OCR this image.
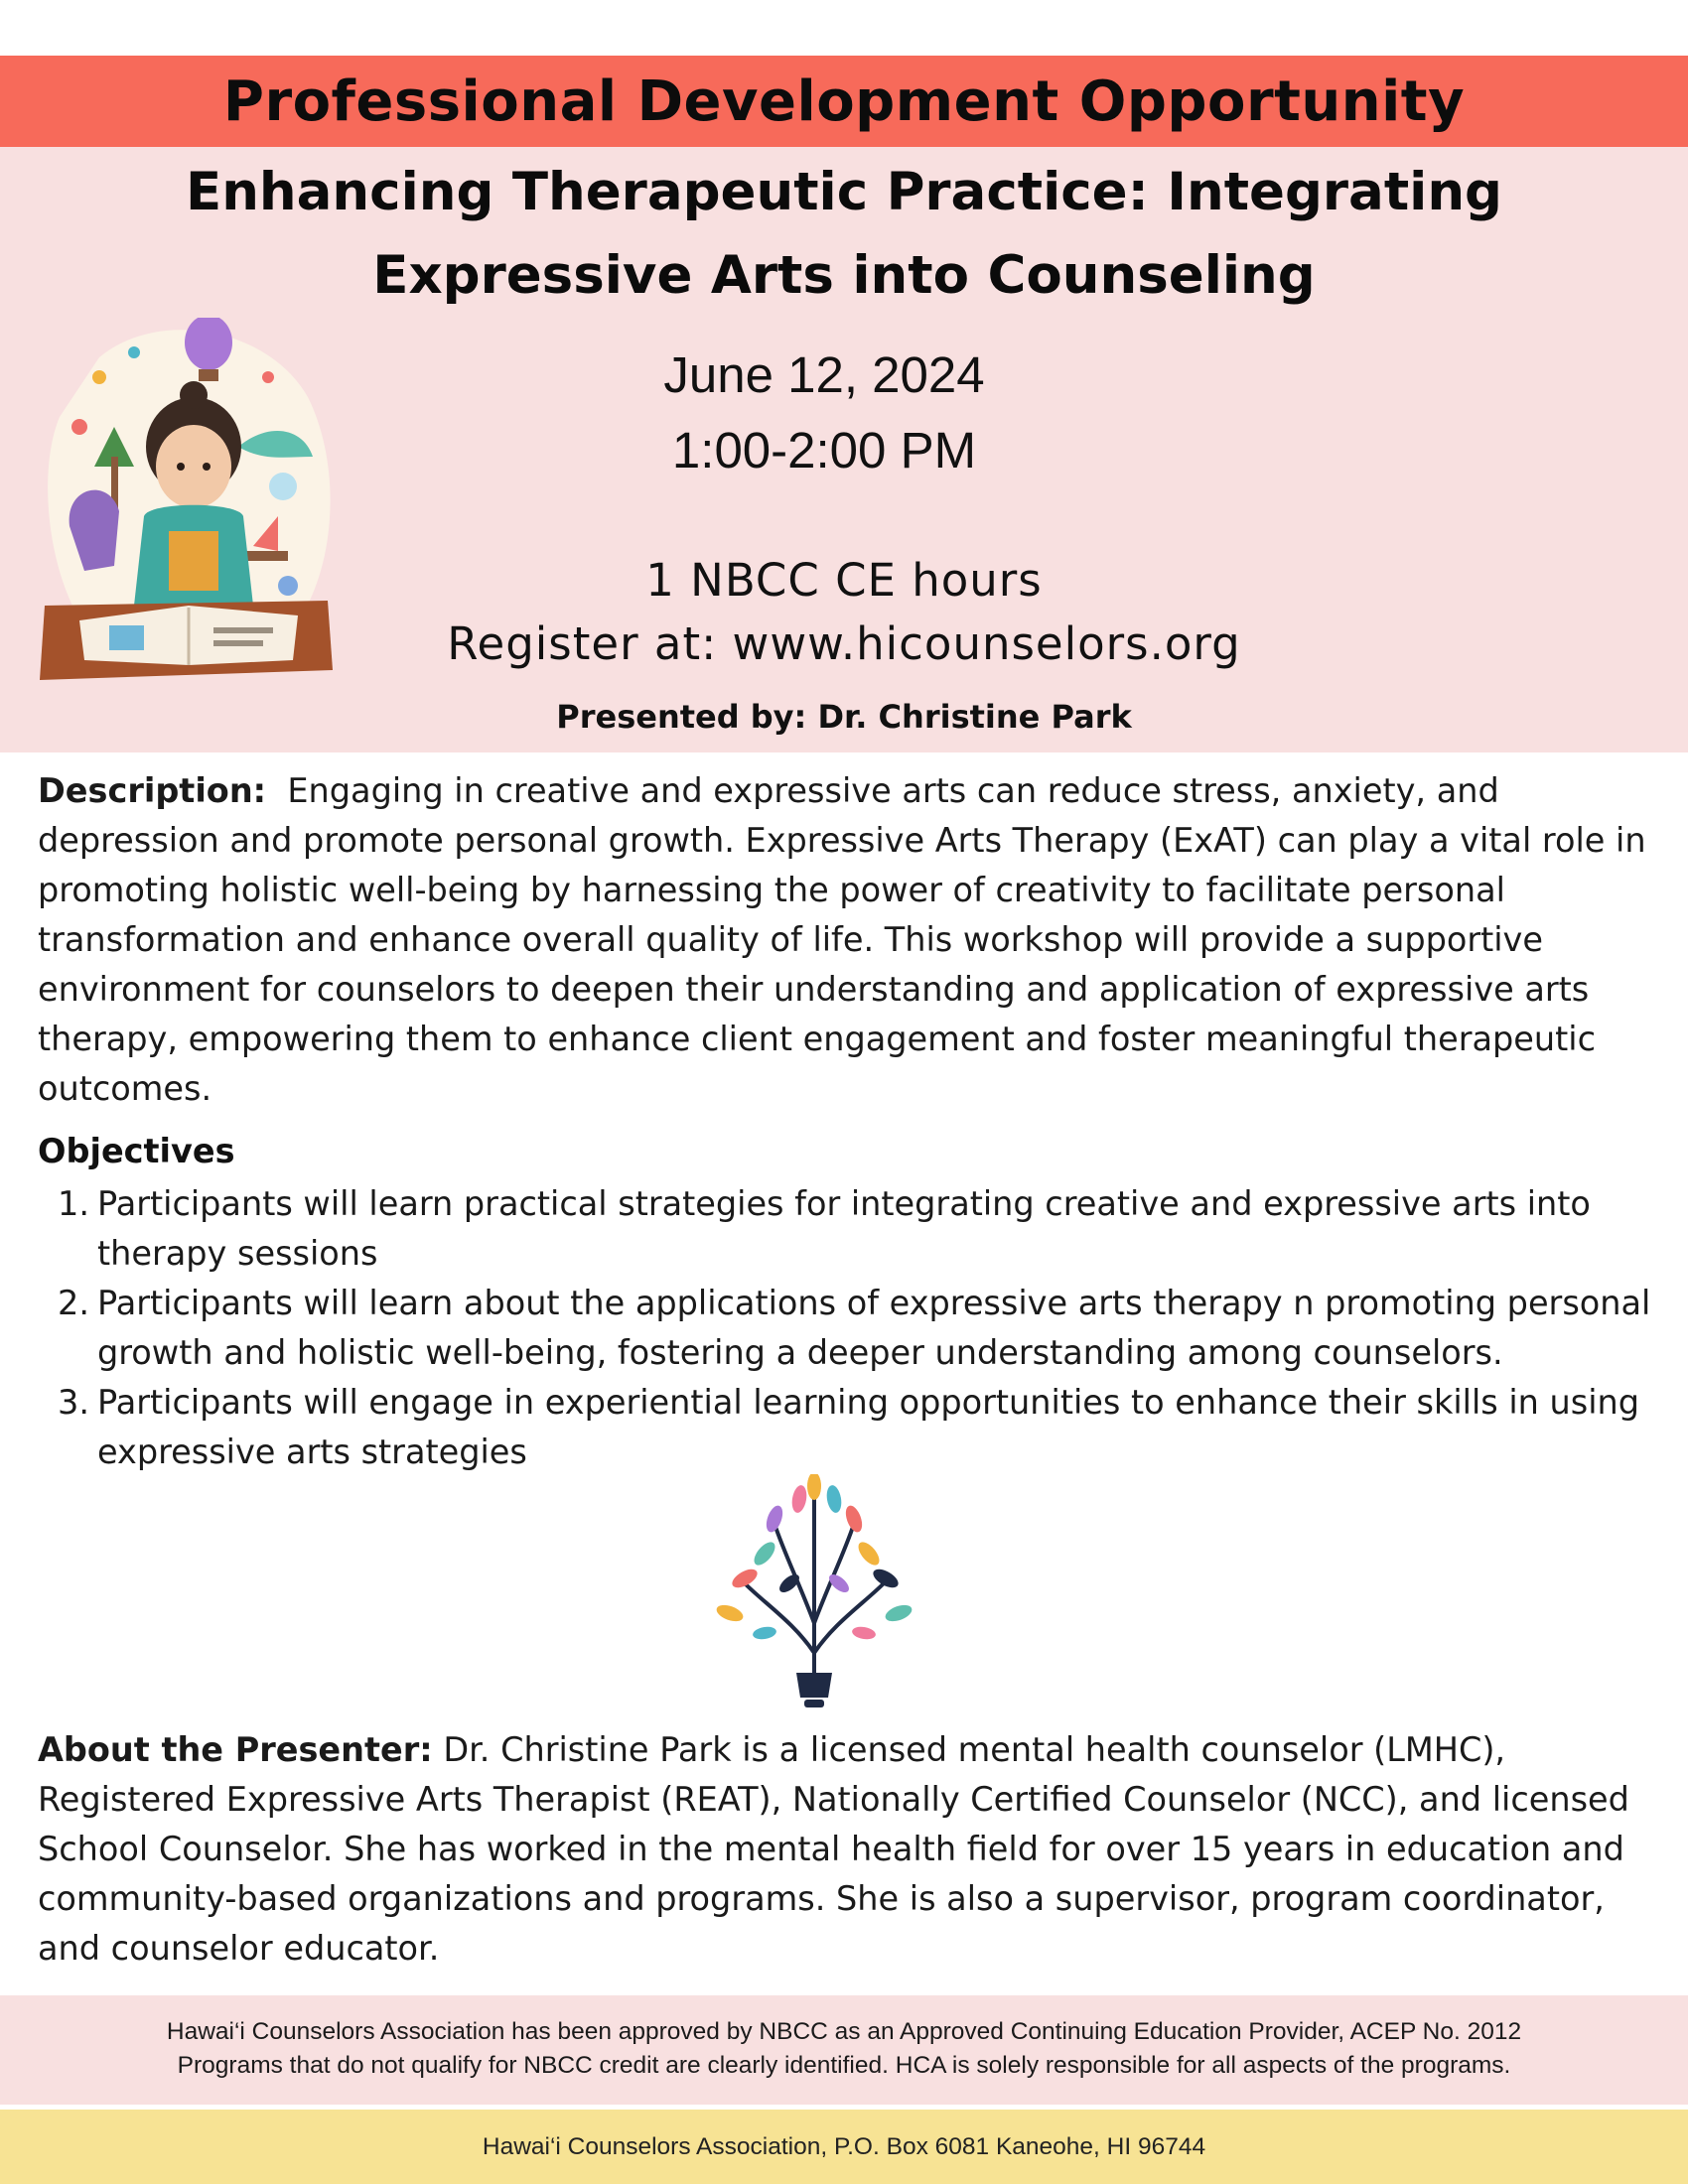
Professional Development Opportunity
Enhancing Therapeutic Practice: Integrating
Expressive Arts into Counseling
June 12, 2024
1:00-2:00 PM
1 NBCC CE hours
Register at: www.hicounselors.org
Presented by: Dr. Christine Park
Description: Engaging in creative and expressive arts can reduce stress, anxiety, and depression and promote personal growth. Expressive Arts Therapy (ExAT) can play a vital role in promoting holistic well-being by harnessing the power of creativity to facilitate personal transformation and enhance overall quality of life. This workshop will provide a supportive environment for counselors to deepen their understanding and application of expressive arts therapy, empowering them to enhance client engagement and foster meaningful therapeutic outcomes.
Objectives
1. Participants will learn practical strategies for integrating creative and expressive arts into therapy sessions
2. Participants will learn about the applications of expressive arts therapy n promoting personal growth and holistic well-being, fostering a deeper understanding among counselors.
3. Participants will engage in experiential learning opportunities to enhance their skills in using expressive arts strategies
About the Presenter: Dr. Christine Park is a licensed mental health counselor (LMHC), Registered Expressive Arts Therapist (REAT), Nationally Certified Counselor (NCC), and licensed School Counselor. She has worked in the mental health field for over 15 years in education and community-based organizations and programs. She is also a supervisor, program coordinator, and counselor educator.
Hawai‘i Counselors Association has been approved by NBCC as an Approved Continuing Education Provider, ACEP No. 2012
Programs that do not qualify for NBCC credit are clearly identified. HCA is solely responsible for all aspects of the programs.
Hawai‘i Counselors Association, P.O. Box 6081 Kaneohe, HI 96744
